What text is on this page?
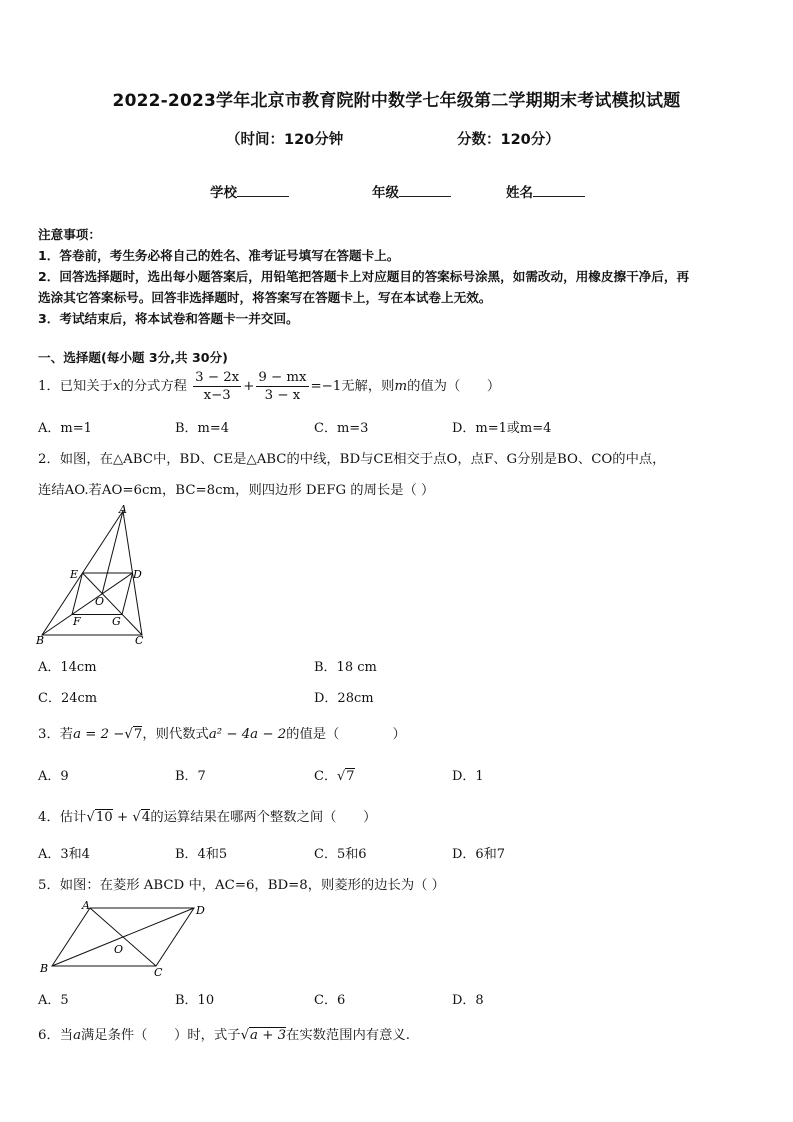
2022-2023学年北京市教育院附中数学七年级第二学期期末考试模拟试题
（时间：120分钟	分数：120分）
学校	年级	姓名
注意事项：
1．答卷前，考生务必将自己的姓名、准考证号填写在答题卡上。
2．回答选择题时，选出每小题答案后，用铅笔把答题卡上对应题目的答案标号涂黑，如需改动，用橡皮擦干净后，再
选涂其它答案标号。回答非选择题时，将答案写在答题卡上，写在本试卷上无效。
3．考试结束后，将本试卷和答题卡一并交回。
一、选择题(每小题 3分,共 30分)
1．已知关于x的分式方程 $\frac{3 - 2x}{x-3} + \frac{9 - mx}{3 - x} =-1$无解，则m的值为（　　）
A．m=1	B．m=4	C．m=3	D．m=1或m=4
2．如图，在△ABC中，BD、CE是△ABC的中线，BD与CE相交于点O，点F、G分别是BO、CO的中点，
连结AO.若AO=6cm，BC=8cm，则四边形 DEFG 的周长是（ ）
A
E	D
O
F	G
B	C
A．14cm	B．18 cm
C．24cm	D．28cm
3．若a = 2 −√7，则代数式a² − 4a − 2的值是（　　　　）
A．9	B．7	C．√7	D．1
4．估计√10 + √4的运算结果在哪两个整数之间（　　）
A．3和4	B．4和5	C．5和6	D．6和7
5．如图：在菱形 ABCD 中，AC=6，BD=8，则菱形的边长为（ ）
A	D
O
B	C
A．5	B．10	C．6	D．8
6．当a满足条件（　　）时，式子√a + 3在实数范围内有意义.
